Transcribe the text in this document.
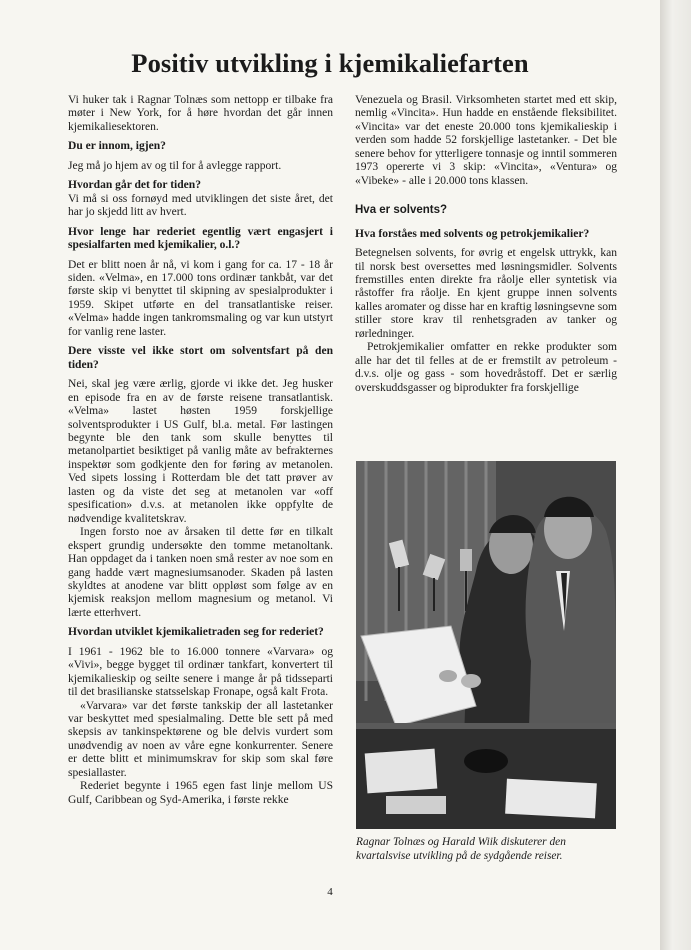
Positiv utvikling i kjemikaliefarten

Vi huker tak i Ragnar Tolnæs som nettopp er tilbake fra møter i New York, for å høre hvordan det går innen kjemikaliesektoren.

Du er innom, igjen?

Jeg må jo hjem av og til for å avlegge rapport.

Hvordan går det for tiden?

Vi må si oss fornøyd med utviklingen det siste året, det har jo skjedd litt av hvert.

Hvor lenge har rederiet egentlig vært engasjert i spesialfarten med kjemikalier, o.l.?

Det er blitt noen år nå, vi kom i gang for ca. 17 - 18 år siden. «Velma», en 17.000 tons ordinær tankbåt, var det første skip vi benyttet til skipning av spesialprodukter i 1959. Skipet utførte en del transatlantiske reiser. «Velma» hadde ingen tankromsmaling og var kun utstyrt for vanlig rene laster.

Dere visste vel ikke stort om solventsfart på den tiden?

Nei, skal jeg være ærlig, gjorde vi ikke det. Jeg husker en episode fra en av de første reisene transatlantisk. «Velma» lastet høsten 1959 forskjellige solventsprodukter i US Gulf, bl.a. metal. Før lastingen begynte ble den tank som skulle benyttes til metanolpartiet besiktiget på vanlig måte av befrakternes inspektør som godkjente den for føring av metanolen. Ved sipets lossing i Rotterdam ble det tatt prøver av lasten og da viste det seg at metanolen var «off spesification» d.v.s. at metanolen ikke oppfylte de nødvendige kvalitetskrav.

Ingen forsto noe av årsaken til dette før en tilkalt ekspert grundig undersøkte den tomme metanoltank. Han oppdaget da i tanken noen små rester av noe som en gang hadde vært magnesiumsanoder. Skaden på lasten skyldtes at anodene var blitt oppløst som følge av en kjemisk reaksjon mellom magnesium og metanol. Vi lærte etterhvert.

Hvordan utviklet kjemikalietraden seg for rederiet?

I 1961 - 1962 ble to 16.000 tonnere «Varvara» og «Vivi», begge bygget til ordinær tankfart, konvertert til kjemikalieskip og seilte senere i mange år på tidsseparti til det brasilianske statsselskap Fronape, også kalt Frota.

«Varvara» var det første tankskip der all lastetanker var beskyttet med spesialmaling. Dette ble sett på med skepsis av tankinspektørene og ble delvis vurdert som unødvendig av noen av våre egne konkurrenter. Senere er dette blitt et minimumskrav for skip som skal føre spesiallaster.

Rederiet begynte i 1965 egen fast linje mellom US Gulf, Caribbean og Syd-Amerika, i første rekke

Venezuela og Brasil. Virksomheten startet med ett skip, nemlig «Vincita». Hun hadde en enstående fleksibilitet. «Vincita» var det eneste 20.000 tons kjemikalieskip i verden som hadde 52 forskjellige lastetanker. - Det ble senere behov for ytterligere tonnasje og inntil sommeren 1973 opererte vi 3 skip: «Vincita», «Ventura» og «Vibeke» - alle i 20.000 tons klassen.

Hva er solvents?

Hva forståes med solvents og petrokjemikalier?

Betegnelsen solvents, for øvrig et engelsk uttrykk, kan til norsk best oversettes med løsningsmidler. Solvents fremstilles enten direkte fra råolje eller syntetisk via råstoffer fra råolje. En kjent gruppe innen solvents kalles aromater og disse har en kraftig løsningsevne som stiller store krav til renhetsgraden av tanker og rørledninger.

Petrokjemikalier omfatter en rekke produkter som alle har det til felles at de er fremstilt av petroleum - d.v.s. olje og gass - som hovedråstoff. Det er særlig overskuddsgasser og biprodukter fra forskjellige

Ragnar Tolnæs og Harald Wiik diskuterer den kvartalsvise utvikling på de sydgående reiser.
4
